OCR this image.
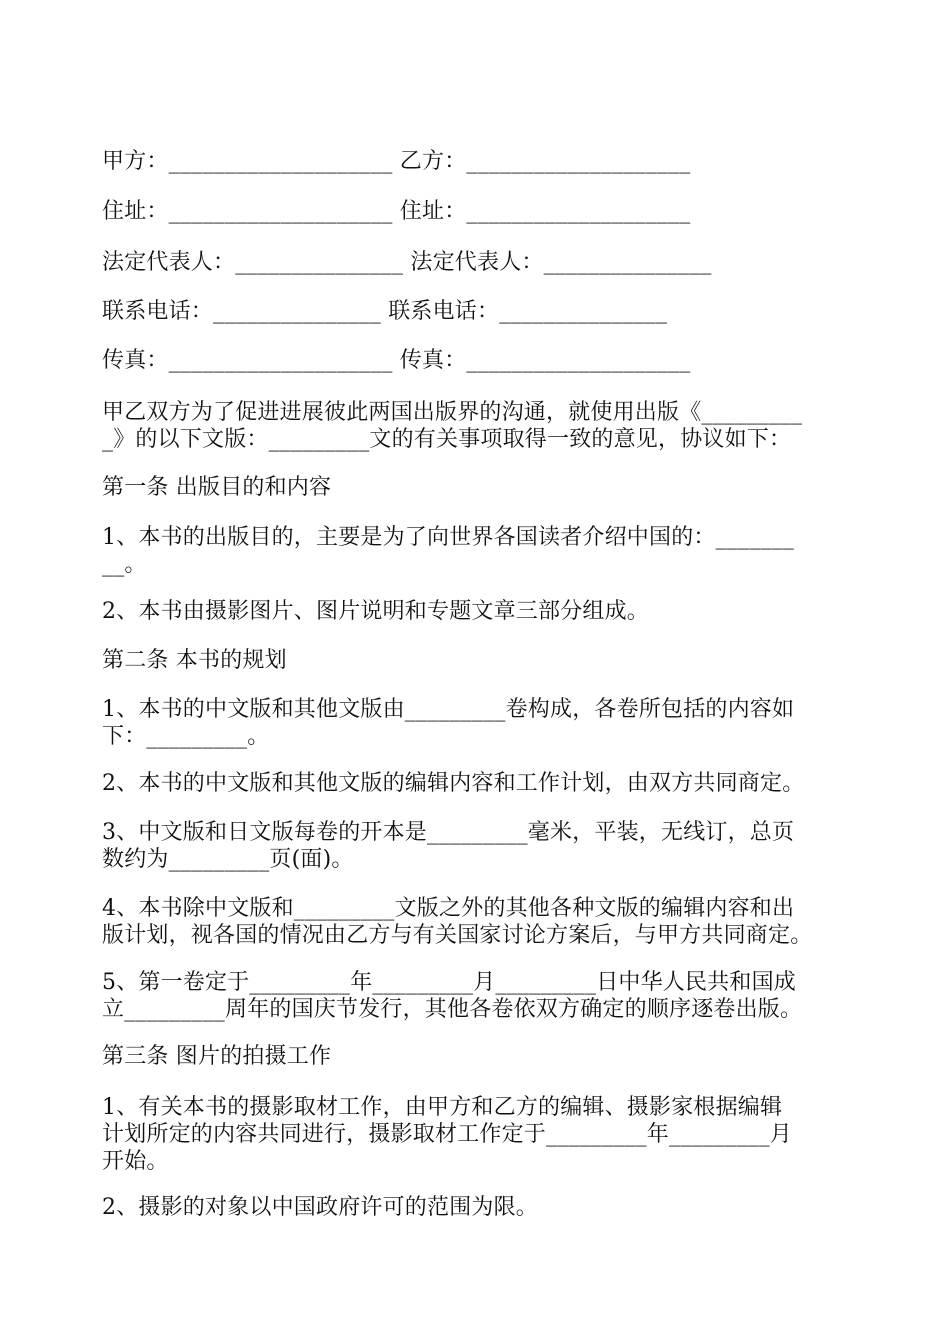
甲方：____________________ 乙方：____________________
住址：____________________ 住址：____________________
法定代表人：_______________ 法定代表人：_______________
联系电话：_______________ 联系电话：_______________
传真：____________________ 传真：____________________
甲乙双方为了促进进展彼此两国出版界的沟通，就使用出版《_________
_》的以下文版：_________文的有关事项取得一致的意见，协议如下：
第一条 出版目的和内容
1、本书的出版目的，主要是为了向世界各国读者介绍中国的：_______
__。
2、本书由摄影图片、图片说明和专题文章三部分组成。
第二条 本书的规划
1、本书的中文版和其他文版由_________卷构成，各卷所包括的内容如
下：_________。
2、本书的中文版和其他文版的编辑内容和工作计划，由双方共同商定。
3、中文版和日文版每卷的开本是_________毫米，平装，无线订，总页
数约为_________页(面)。
4、本书除中文版和_________文版之外的其他各种文版的编辑内容和出
版计划，视各国的情况由乙方与有关国家讨论方案后，与甲方共同商定。
5、第一卷定于_________年_________月_________日中华人民共和国成
立_________周年的国庆节发行，其他各卷依双方确定的顺序逐卷出版。
第三条 图片的拍摄工作
1、有关本书的摄影取材工作，由甲方和乙方的编辑、摄影家根据编辑
计划所定的内容共同进行，摄影取材工作定于_________年_________月
开始。
2、摄影的对象以中国政府许可的范围为限。
